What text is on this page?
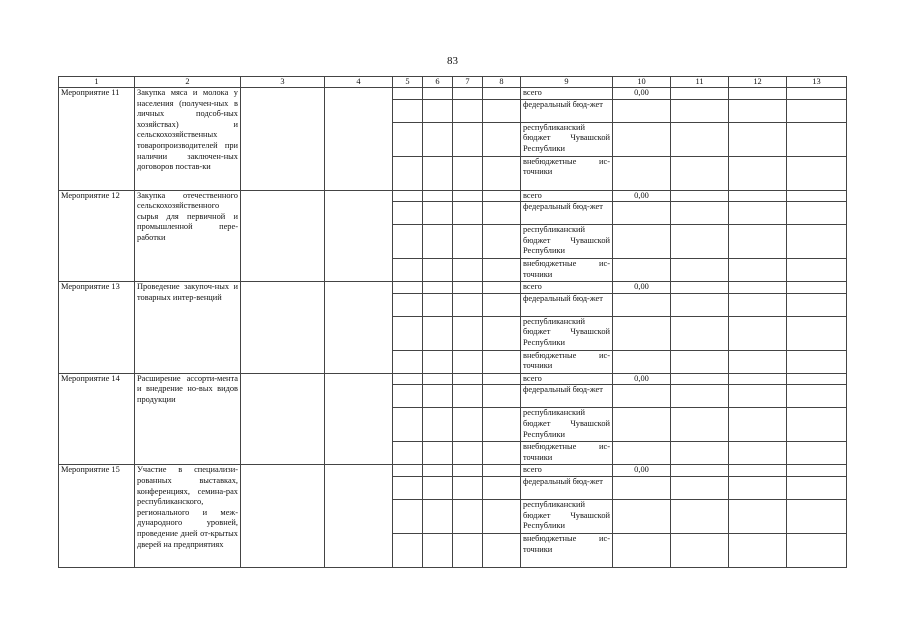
83
1	2	3	4	5	6	7	8	9	10	11	12	13
Мероприятие 11	Закупка мяса и молока у населения (получен-ных в личных подсоб-ных хозяйствах) и сельскохозяйственных товаропроизводителей при наличии заключен-ных договоров постав-ки							всего	0,00			
								федеральный бюд-жет				
								республиканский бюджет Чувашской Республики				
								внебюджетные ис-точники				
Мероприятие 12	Закупка отечественного сельскохозяйственного сырья для первичной и промышленной пере-работки							всего	0,00			
								федеральный бюд-жет				
								республиканский бюджет Чувашской Республики				
								внебюджетные ис-точники				
Мероприятие 13	Проведение закупоч-ных и товарных интер-венций							всего	0,00			
								федеральный бюд-жет				
								республиканский бюджет Чувашской Республики				
								внебюджетные ис-точники				
Мероприятие 14	Расширение ассорти-мента и внедрение но-вых видов продукции							всего	0,00			
								федеральный бюд-жет				
								республиканский бюджет Чувашской Республики				
								внебюджетные ис-точники				
Мероприятие 15	Участие в специализи-рованных выставках, конференциях, семина-рах республиканского, регионального и меж-дународного уровней, проведение дней от-крытых дверей на предприятиях							всего	0,00			
								федеральный бюд-жет				
								республиканский бюджет Чувашской Республики				
								внебюджетные ис-точники				
